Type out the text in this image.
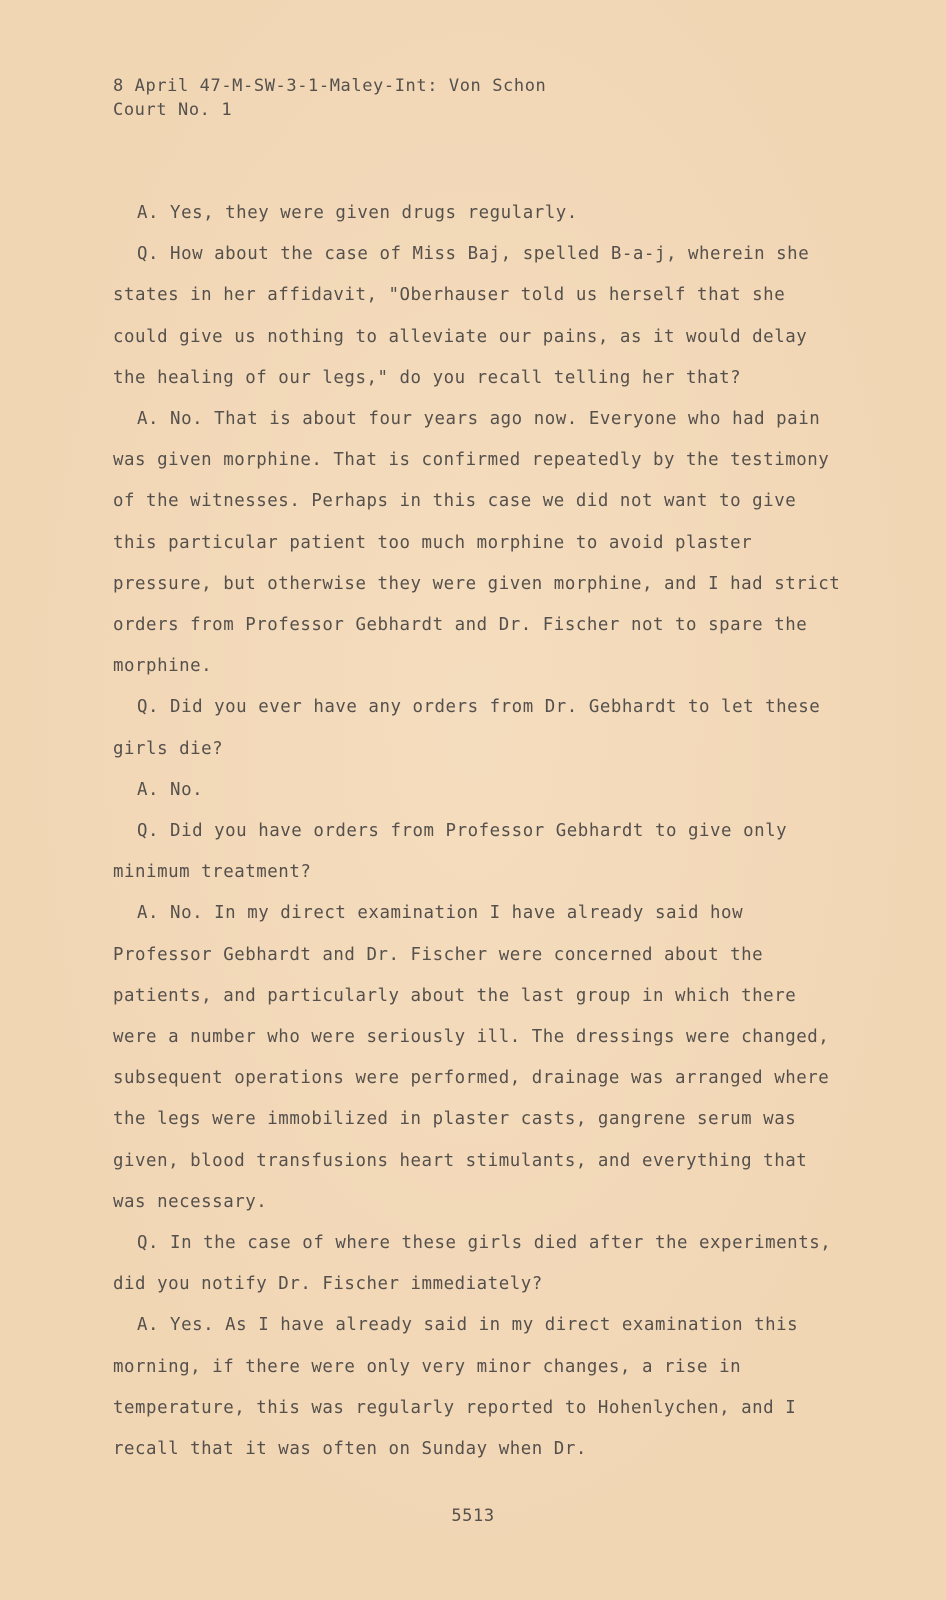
8 April 47-M-SW-3-1-Maley-Int: Von Schon
Court No. 1

A. Yes, they were given drugs regularly.

Q. How about the case of Miss Baj, spelled B-a-j, wherein she states in her affidavit, "Oberhauser told us herself that she could give us nothing to alleviate our pains, as it would delay the healing of our legs," do you recall telling her that?

A. No. That is about four years ago now. Everyone who had pain was given morphine. That is confirmed repeatedly by the testimony of the witnesses. Perhaps in this case we did not want to give this particular patient too much morphine to avoid plaster pressure, but otherwise they were given morphine, and I had strict orders from Professor Gebhardt and Dr. Fischer not to spare the morphine.

Q. Did you ever have any orders from Dr. Gebhardt to let these girls die?

A. No.

Q. Did you have orders from Professor Gebhardt to give only minimum treatment?

A. No. In my direct examination I have already said how Professor Gebhardt and Dr. Fischer were concerned about the patients, and particularly about the last group in which there were a number who were seriously ill. The dressings were changed, subsequent operations were performed, drainage was arranged where the legs were immobilized in plaster casts, gangrene serum was given, blood transfusions heart stimulants, and everything that was necessary.

Q. In the case of where these girls died after the experiments, did you notify Dr. Fischer immediately?

A. Yes. As I have already said in my direct examination this morning, if there were only very minor changes, a rise in temperature, this was regularly reported to Hohenlychen, and I recall that it was often on Sunday when Dr.

5513
